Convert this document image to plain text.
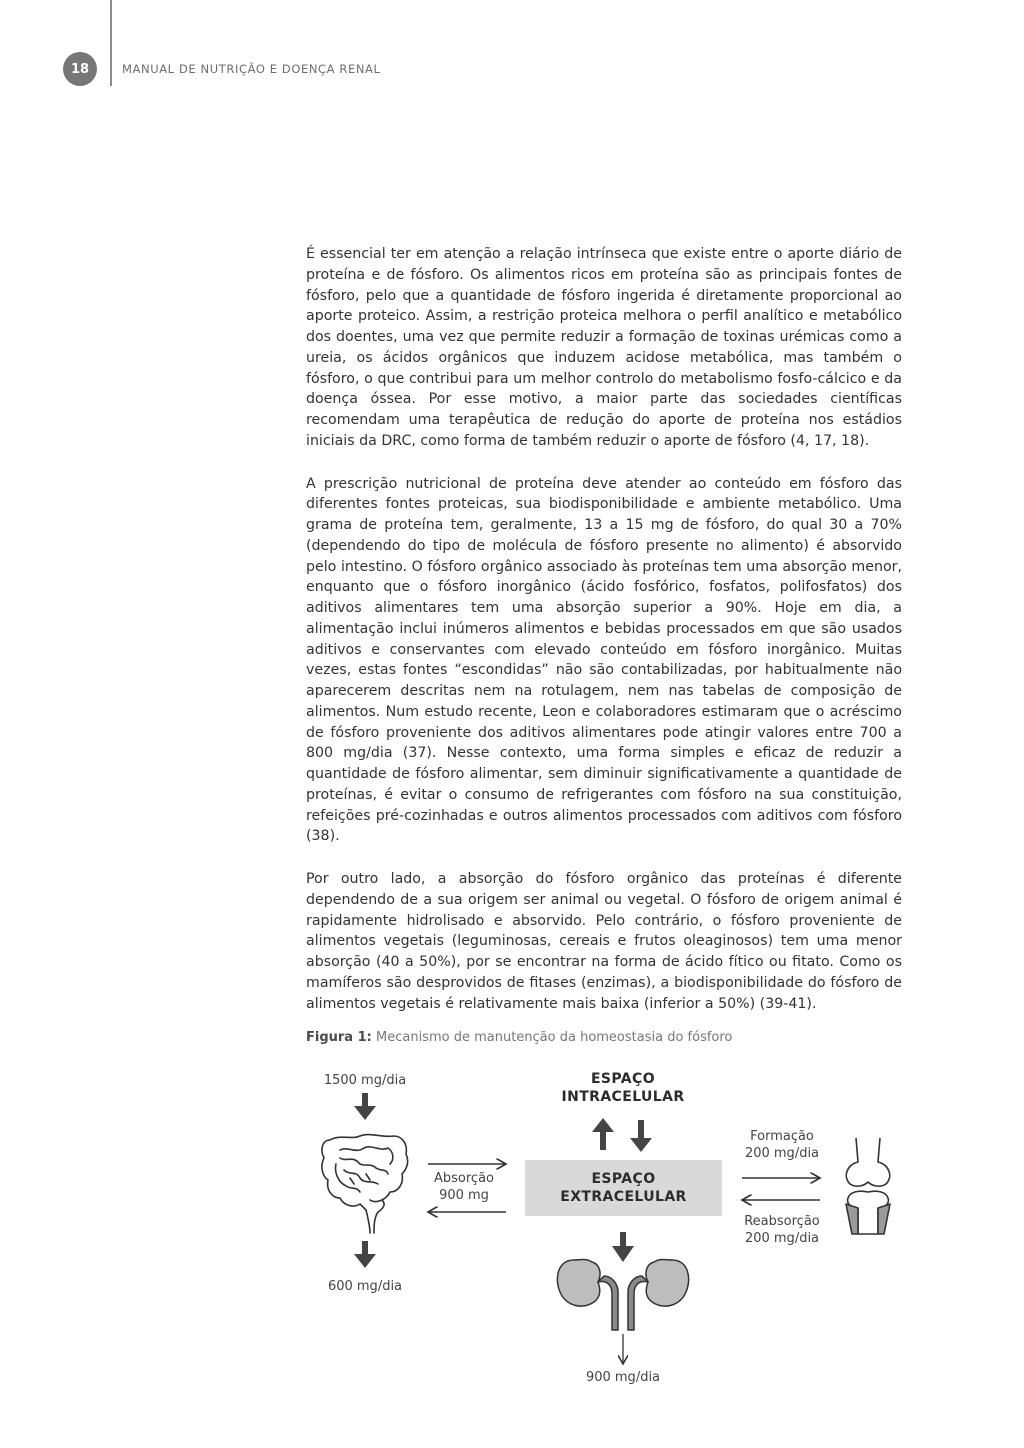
18	MANUAL DE NUTRIÇÃO E DOENÇA RENAL

É essencial ter em atenção a relação intrínseca que existe entre o aporte diário de proteína e de fósforo. Os alimentos ricos em proteína são as principais fontes de fósforo, pelo que a quantidade de fósforo ingerida é diretamente proporcional ao aporte proteico. Assim, a restrição proteica melhora o perfil analítico e metabólico dos doentes, uma vez que permite reduzir a formação de toxinas urémicas como a ureia, os ácidos orgânicos que induzem acidose metabólica, mas também o fósforo, o que contribui para um melhor controlo do metabolismo fosfo-cálcico e da doença óssea. Por esse motivo, a maior parte das sociedades científicas recomendam uma terapêutica de redução do aporte de proteína nos estádios iniciais da DRC, como forma de também reduzir o aporte de fósforo (4, 17, 18).

A prescrição nutricional de proteína deve atender ao conteúdo em fósforo das diferentes fontes proteicas, sua biodisponibilidade e ambiente metabólico. Uma grama de proteína tem, geralmente, 13 a 15 mg de fósforo, do qual 30 a 70% (dependendo do tipo de molécula de fósforo presente no alimento) é absorvido pelo intestino. O fósforo orgânico associado às proteínas tem uma absorção menor, enquanto que o fósforo inorgânico (ácido fosfórico, fosfatos, polifosfatos) dos aditivos alimentares tem uma absorção superior a 90%. Hoje em dia, a alimentação inclui inúmeros alimentos e bebidas processados em que são usados aditivos e conservantes com elevado conteúdo em fósforo inorgânico. Muitas vezes, estas fontes “escondidas” não são contabilizadas, por habitualmente não aparecerem descritas nem na rotulagem, nem nas tabelas de composição de alimentos. Num estudo recente, Leon e colaboradores estimaram que o acréscimo de fósforo proveniente dos aditivos alimentares pode atingir valores entre 700 a 800 mg/dia (37). Nesse contexto, uma forma simples e eficaz de reduzir a quantidade de fósforo alimentar, sem diminuir significativamente a quantidade de proteínas, é evitar o consumo de refrigerantes com fósforo na sua constituição, refeições pré-cozinhadas e outros alimentos processados com aditivos com fósforo (38).

Por outro lado, a absorção do fósforo orgânico das proteínas é diferente dependendo de a sua origem ser animal ou vegetal. O fósforo de origem animal é rapidamente hidrolisado e absorvido. Pelo contrário, o fósforo proveniente de alimentos vegetais (leguminosas, cereais e frutos oleaginosos) tem uma menor absorção (40 a 50%), por se encontrar na forma de ácido fítico ou fitato. Como os mamíferos são desprovidos de fitases (enzimas), a biodisponibilidade do fósforo de alimentos vegetais é relativamente mais baixa (inferior a 50%) (39-41).

Figura 1: Mecanismo de manutenção da homeostasia do fósforo
1500 mg/dia
600 mg/dia
Absorção
900 mg
ESPAÇO
INTRACELULAR
ESPAÇO
EXTRACELULAR
Formação
200 mg/dia
Reabsorção
200 mg/dia
900 mg/dia
